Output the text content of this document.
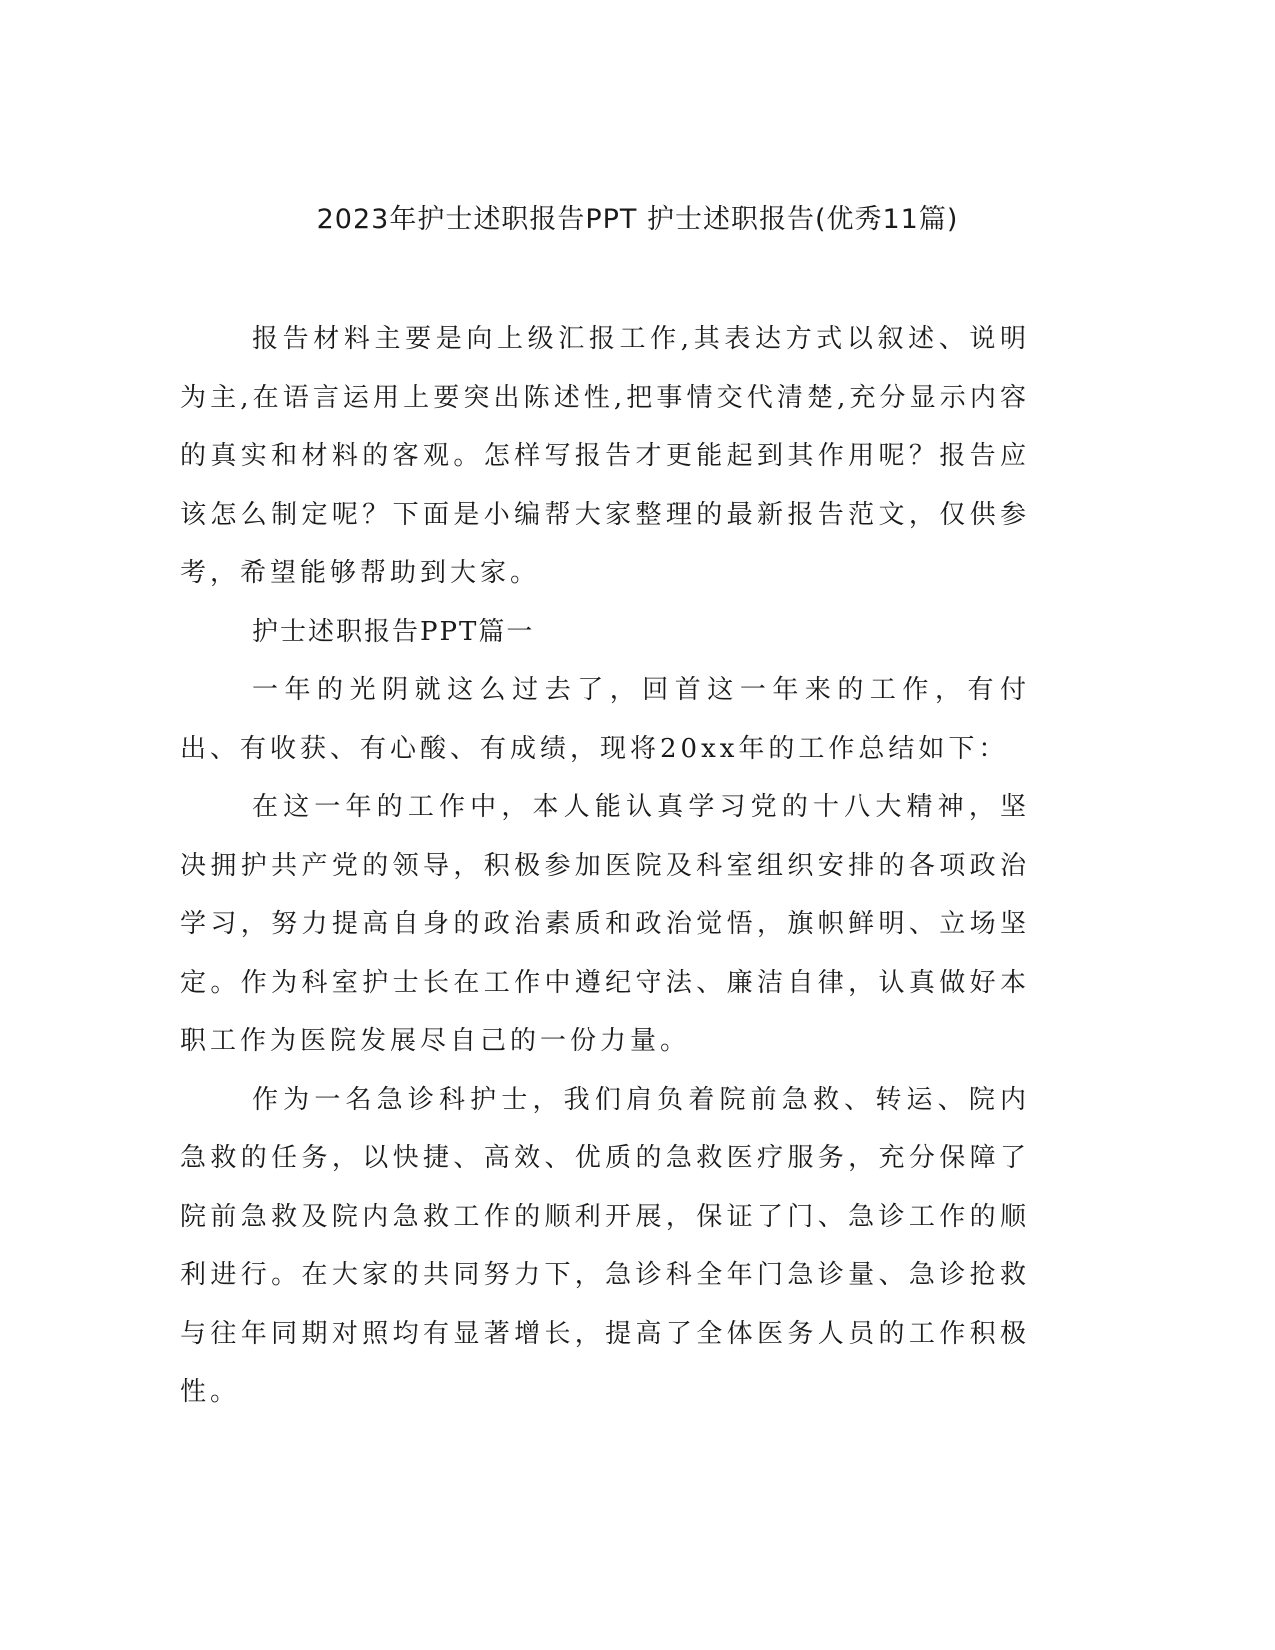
2023年护士述职报告PPT 护士述职报告(优秀11篇)

报告材料主要是向上级汇报工作,其表达方式以叙述、说明为主,在语言运用上要突出陈述性,把事情交代清楚,充分显示内容的真实和材料的客观。怎样写报告才更能起到其作用呢？报告应该怎么制定呢？下面是小编帮大家整理的最新报告范文，仅供参考，希望能够帮助到大家。

护士述职报告PPT篇一

一年的光阴就这么过去了，回首这一年来的工作，有付出、有收获、有心酸、有成绩，现将20xx年的工作总结如下：

在这一年的工作中，本人能认真学习党的十八大精神，坚决拥护共产党的领导，积极参加医院及科室组织安排的各项政治学习，努力提高自身的政治素质和政治觉悟，旗帜鲜明、立场坚定。作为科室护士长在工作中遵纪守法、廉洁自律，认真做好本职工作为医院发展尽自己的一份力量。

作为一名急诊科护士，我们肩负着院前急救、转运、院内急救的任务，以快捷、高效、优质的急救医疗服务，充分保障了院前急救及院内急救工作的顺利开展，保证了门、急诊工作的顺利进行。在大家的共同努力下，急诊科全年门急诊量、急诊抢救与往年同期对照均有显著增长，提高了全体医务人员的工作积极性。
